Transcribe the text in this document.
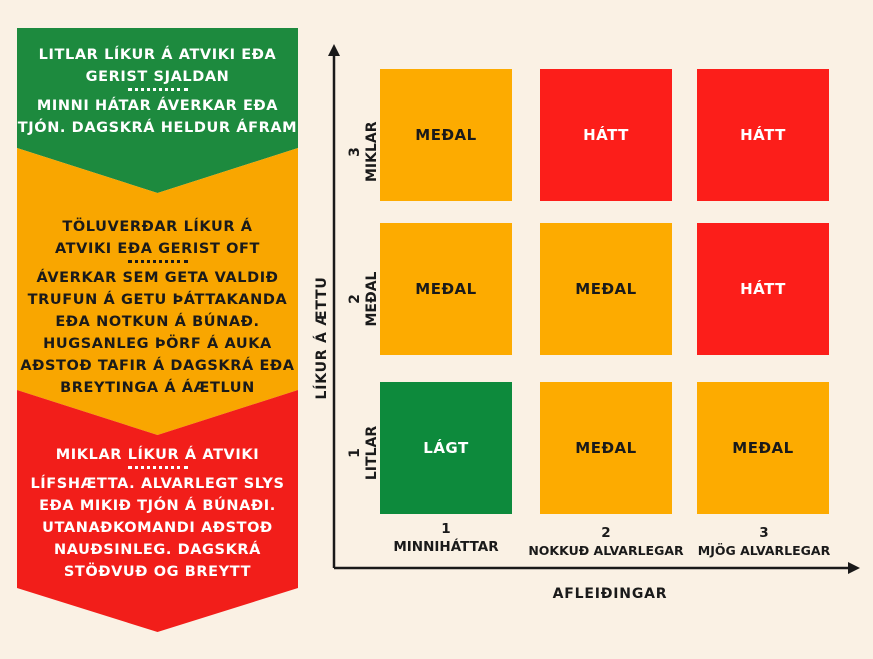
LITLAR LÍKUR Á ATVIKI EÐA
GERIST SJALDAN
MINNI HÁTAR ÁVERKAR EÐA
TJÓN. DAGSKRÁ HELDUR ÁFRAM
TÖLUVERÐAR LÍKUR Á
ATVIKI EÐA GERIST OFT
ÁVERKAR SEM GETA VALDIÐ
TRUFUN Á GETU ÞÁTTAKANDA
EÐA NOTKUN Á BÚNAÐ.
HUGSANLEG ÞÖRF Á AUKA
AÐSTOÐ TAFIR Á DAGSKRÁ EÐA
BREYTINGA Á ÁÆTLUN
MIKLAR LÍKUR Á ATVIKI
LÍFSHÆTTA. ALVARLEGT SLYS
EÐA MIKIÐ TJÓN Á BÚNAÐI.
UTANAÐKOMANDI AÐSTOÐ
NAUÐSINLEG. DAGSKRÁ
STÖÐVUÐ OG BREYTT
MEÐAL	HÁTT	HÁTT
MEÐAL	MEÐAL	HÁTT
LÁGT	MEÐAL	MEÐAL
LÍKUR Á ÆTTU
3 MIKLAR
2 MEÐAL
1 LITLAR
1
MINNIHÁTTAR
2
NOKKUÐ ALVARLEGAR
3
MJÖG ALVARLEGAR
AFLEIÐINGAR
